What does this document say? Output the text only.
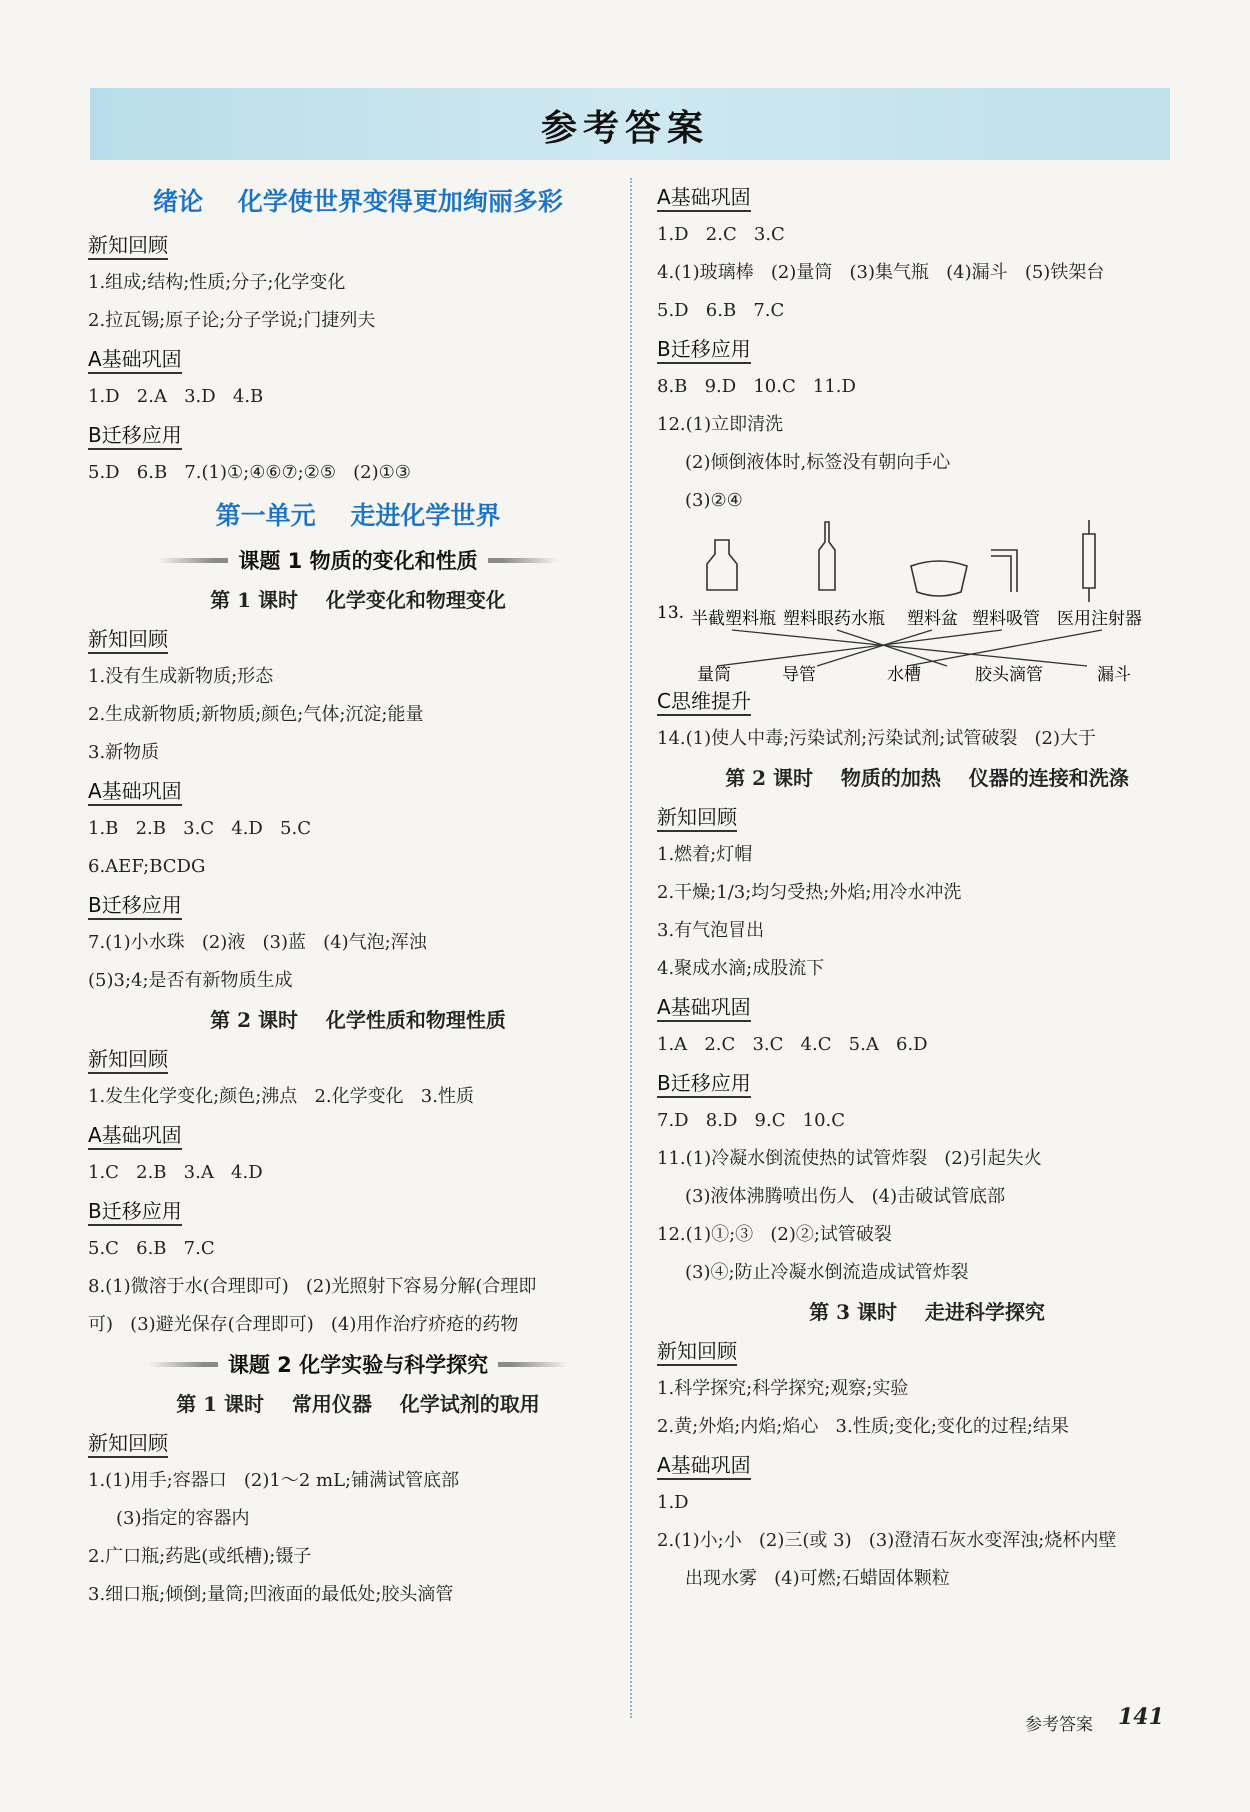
参考答案
绪论    化学使世界变得更加绚丽多彩
新知回顾
1.组成;结构;性质;分子;化学变化
2.拉瓦锡;原子论;分子学说;门捷列夫
A基础巩固
1.D   2.A   3.D   4.B
B迁移应用
5.D   6.B   7.(1)①;④⑥⑦;②⑤   (2)①③
第一单元    走进化学世界
课题 1 物质的变化和性质
第 1 课时    化学变化和物理变化
新知回顾
1.没有生成新物质;形态
2.生成新物质;新物质;颜色;气体;沉淀;能量
3.新物质
A基础巩固
1.B   2.B   3.C   4.D   5.C
6.AEF;BCDG
B迁移应用
7.(1)小水珠   (2)液   (3)蓝   (4)气泡;浑浊
(5)3;4;是否有新物质生成
第 2 课时    化学性质和物理性质
新知回顾
1.发生化学变化;颜色;沸点   2.化学变化   3.性质
A基础巩固
1.C   2.B   3.A   4.D
B迁移应用
5.C   6.B   7.C
8.(1)微溶于水(合理即可)   (2)光照射下容易分解(合理即
可)   (3)避光保存(合理即可)   (4)用作治疗疥疮的药物
课题 2 化学实验与科学探究
第 1 课时    常用仪器    化学试剂的取用
新知回顾
1.(1)用手;容器口   (2)1～2 mL;铺满试管底部
(3)指定的容器内
2.广口瓶;药匙(或纸槽);镊子
3.细口瓶;倾倒;量筒;凹液面的最低处;胶头滴管
A基础巩固
1.D   2.C   3.C
4.(1)玻璃棒   (2)量筒   (3)集气瓶   (4)漏斗   (5)铁架台
5.D   6.B   7.C
B迁移应用
8.B   9.D   10.C   11.D
12.(1)立即清洗
(2)倾倒液体时,标签没有朝向手心
(3)②④
13. 半截塑料瓶 塑料眼药水瓶 塑料盆 塑料吸管 医用注射器
量筒	导管	水槽	胶头滴管	漏斗
C思维提升
14.(1)使人中毒;污染试剂;污染试剂;试管破裂   (2)大于
第 2 课时    物质的加热    仪器的连接和洗涤
新知回顾
1.燃着;灯帽
2.干燥;1/3;均匀受热;外焰;用冷水冲洗
3.有气泡冒出
4.聚成水滴;成股流下
A基础巩固
1.A   2.C   3.C   4.C   5.A   6.D
B迁移应用
7.D   8.D   9.C   10.C
11.(1)冷凝水倒流使热的试管炸裂   (2)引起失火
(3)液体沸腾喷出伤人   (4)击破试管底部
12.(1)①;③   (2)②;试管破裂
(3)④;防止冷凝水倒流造成试管炸裂
第 3 课时    走进科学探究
新知回顾
1.科学探究;科学探究;观察;实验
2.黄;外焰;内焰;焰心   3.性质;变化;变化的过程;结果
A基础巩固
1.D
2.(1)小;小   (2)三(或 3)   (3)澄清石灰水变浑浊;烧杯内壁
出现水雾   (4)可燃;石蜡固体颗粒
参考答案 141
